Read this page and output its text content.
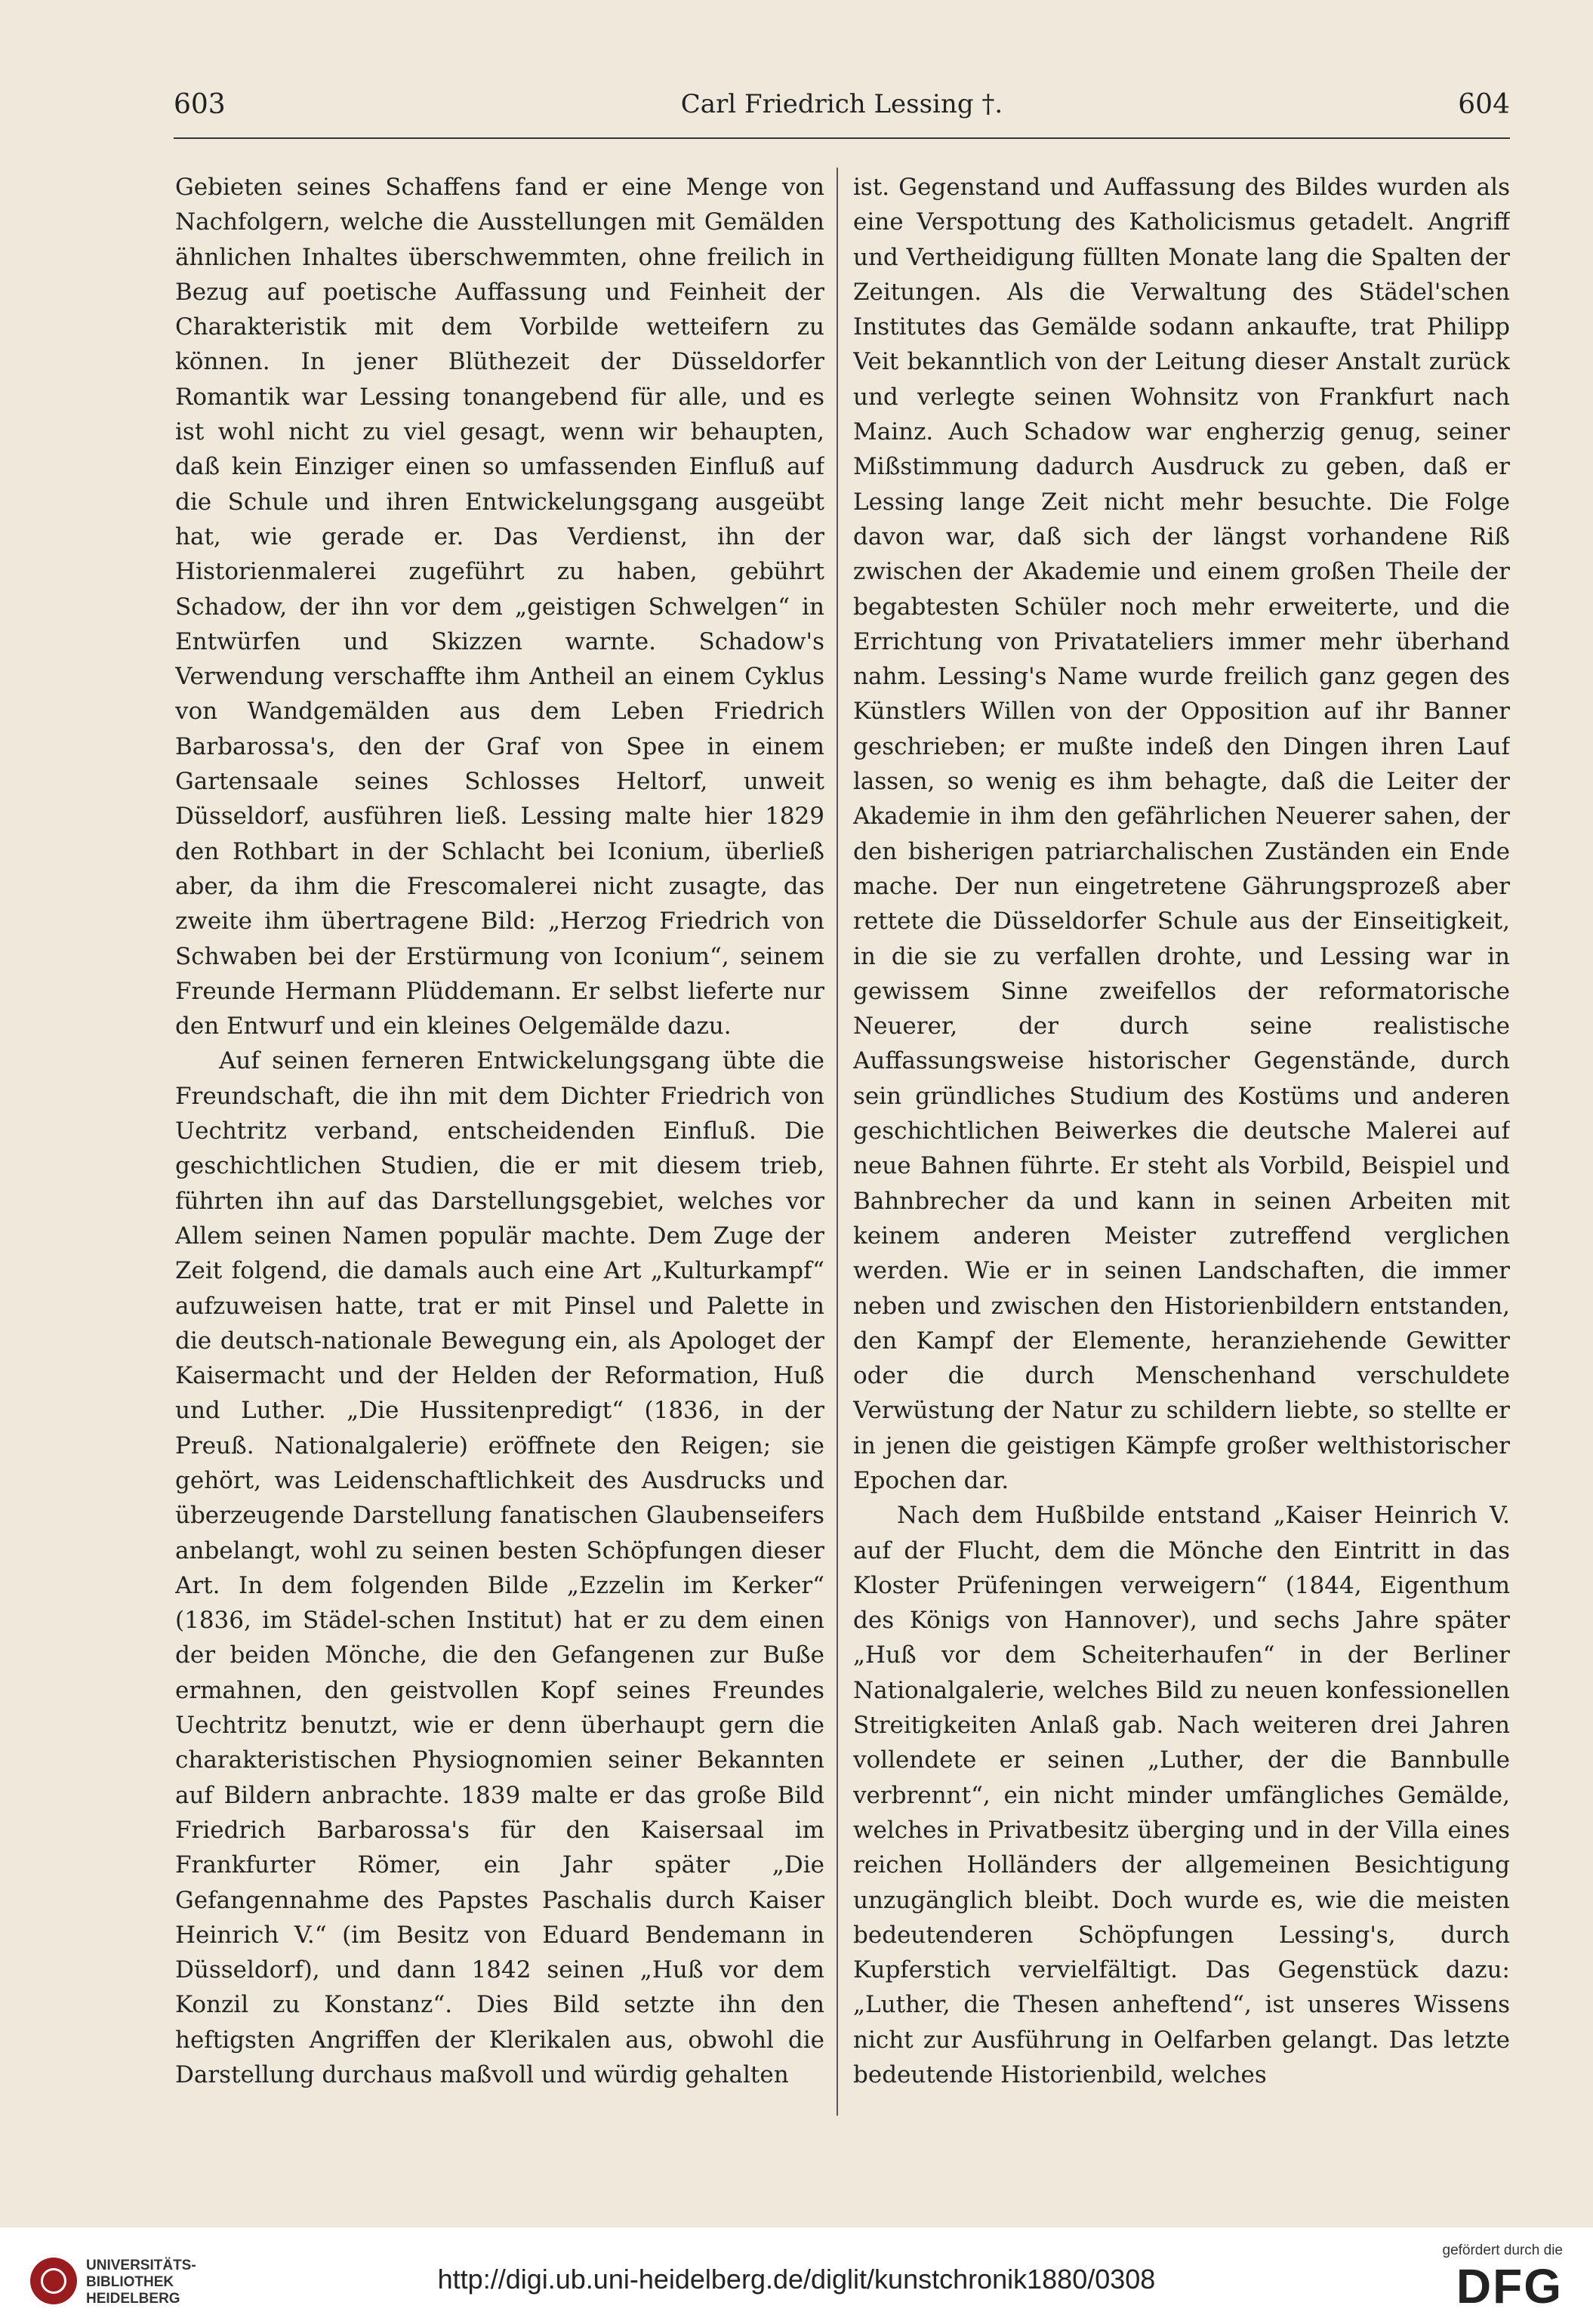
603	Carl Friedrich Lessing †.	604

Gebieten seines Schaffens fand er eine Menge von Nachfolgern, welche die Ausstellungen mit Gemälden ähnlichen Inhaltes überschwemmten, ohne freilich in Bezug auf poetische Auffassung und Feinheit der Charakteristik mit dem Vorbilde wetteifern zu können. In jener Blüthezeit der Düsseldorfer Romantik war Lessing tonangebend für alle, und es ist wohl nicht zu viel gesagt, wenn wir behaupten, daß kein Einziger einen so umfassenden Einfluß auf die Schule und ihren Entwickelungsgang ausgeübt hat, wie gerade er. Das Verdienst, ihn der Historienmalerei zugeführt zu haben, gebührt Schadow, der ihn vor dem „geistigen Schwelgen“ in Entwürfen und Skizzen warnte. Schadow's Verwendung verschaffte ihm Antheil an einem Cyklus von Wandgemälden aus dem Leben Friedrich Barbarossa's, den der Graf von Spee in einem Gartensaale seines Schlosses Heltorf, unweit Düsseldorf, ausführen ließ. Lessing malte hier 1829 den Rothbart in der Schlacht bei Iconium, überließ aber, da ihm die Frescomalerei nicht zusagte, das zweite ihm übertragene Bild: „Herzog Friedrich von Schwaben bei der Erstürmung von Iconium“, seinem Freunde Hermann Plüddemann. Er selbst lieferte nur den Entwurf und ein kleines Oelgemälde dazu.

Auf seinen ferneren Entwickelungsgang übte die Freundschaft, die ihn mit dem Dichter Friedrich von Uechtritz verband, entscheidenden Einfluß. Die geschichtlichen Studien, die er mit diesem trieb, führten ihn auf das Darstellungsgebiet, welches vor Allem seinen Namen populär machte. Dem Zuge der Zeit folgend, die damals auch eine Art „Kulturkampf“ aufzuweisen hatte, trat er mit Pinsel und Palette in die deutsch-nationale Bewegung ein, als Apologet der Kaisermacht und der Helden der Reformation, Huß und Luther. „Die Hussitenpredigt“ (1836, in der Preuß. Nationalgalerie) eröffnete den Reigen; sie gehört, was Leidenschaftlichkeit des Ausdrucks und überzeugende Darstellung fanatischen Glaubenseifers anbelangt, wohl zu seinen besten Schöpfungen dieser Art. In dem folgenden Bilde „Ezzelin im Kerker“ (1836, im Städel-schen Institut) hat er zu dem einen der beiden Mönche, die den Gefangenen zur Buße ermahnen, den geistvollen Kopf seines Freundes Uechtritz benutzt, wie er denn überhaupt gern die charakteristischen Physiognomien seiner Bekannten auf Bildern anbrachte. 1839 malte er das große Bild Friedrich Barbarossa's für den Kaisersaal im Frankfurter Römer, ein Jahr später „Die Gefangennahme des Papstes Paschalis durch Kaiser Heinrich V.“ (im Besitz von Eduard Bendemann in Düsseldorf), und dann 1842 seinen „Huß vor dem Konzil zu Konstanz“. Dies Bild setzte ihn den heftigsten Angriffen der Klerikalen aus, obwohl die Darstellung durchaus maßvoll und würdig gehalten

ist. Gegenstand und Auffassung des Bildes wurden als eine Verspottung des Katholicismus getadelt. Angriff und Vertheidigung füllten Monate lang die Spalten der Zeitungen. Als die Verwaltung des Städel'schen Institutes das Gemälde sodann ankaufte, trat Philipp Veit bekanntlich von der Leitung dieser Anstalt zurück und verlegte seinen Wohnsitz von Frankfurt nach Mainz. Auch Schadow war engherzig genug, seiner Mißstimmung dadurch Ausdruck zu geben, daß er Lessing lange Zeit nicht mehr besuchte. Die Folge davon war, daß sich der längst vorhandene Riß zwischen der Akademie und einem großen Theile der begabtesten Schüler noch mehr erweiterte, und die Errichtung von Privatateliers immer mehr überhand nahm. Lessing's Name wurde freilich ganz gegen des Künstlers Willen von der Opposition auf ihr Banner geschrieben; er mußte indeß den Dingen ihren Lauf lassen, so wenig es ihm behagte, daß die Leiter der Akademie in ihm den gefährlichen Neuerer sahen, der den bisherigen patriarchalischen Zuständen ein Ende mache. Der nun eingetretene Gährungsprozeß aber rettete die Düsseldorfer Schule aus der Einseitigkeit, in die sie zu verfallen drohte, und Lessing war in gewissem Sinne zweifellos der reformatorische Neuerer, der durch seine realistische Auffassungsweise historischer Gegenstände, durch sein gründliches Studium des Kostüms und anderen geschichtlichen Beiwerkes die deutsche Malerei auf neue Bahnen führte. Er steht als Vorbild, Beispiel und Bahnbrecher da und kann in seinen Arbeiten mit keinem anderen Meister zutreffend verglichen werden. Wie er in seinen Landschaften, die immer neben und zwischen den Historienbildern entstanden, den Kampf der Elemente, heranziehende Gewitter oder die durch Menschenhand verschuldete Verwüstung der Natur zu schildern liebte, so stellte er in jenen die geistigen Kämpfe großer welthistorischer Epochen dar.

Nach dem Hußbilde entstand „Kaiser Heinrich V. auf der Flucht, dem die Mönche den Eintritt in das Kloster Prüfeningen verweigern“ (1844, Eigenthum des Königs von Hannover), und sechs Jahre später „Huß vor dem Scheiterhaufen“ in der Berliner Nationalgalerie, welches Bild zu neuen konfessionellen Streitigkeiten Anlaß gab. Nach weiteren drei Jahren vollendete er seinen „Luther, der die Bannbulle verbrennt“, ein nicht minder umfängliches Gemälde, welches in Privatbesitz überging und in der Villa eines reichen Holländers der allgemeinen Besichtigung unzugänglich bleibt. Doch wurde es, wie die meisten bedeutenderen Schöpfungen Lessing's, durch Kupferstich vervielfältigt. Das Gegenstück dazu: „Luther, die Thesen anheftend“, ist unseres Wissens nicht zur Ausführung in Oelfarben gelangt. Das letzte bedeutende Historienbild, welches

UNIVERSITÄTS-
BIBLIOTHEK
HEIDELBERG
http://digi.ub.uni-heidelberg.de/diglit/kunstchronik1880/0308
gefördert durch die
DFG
